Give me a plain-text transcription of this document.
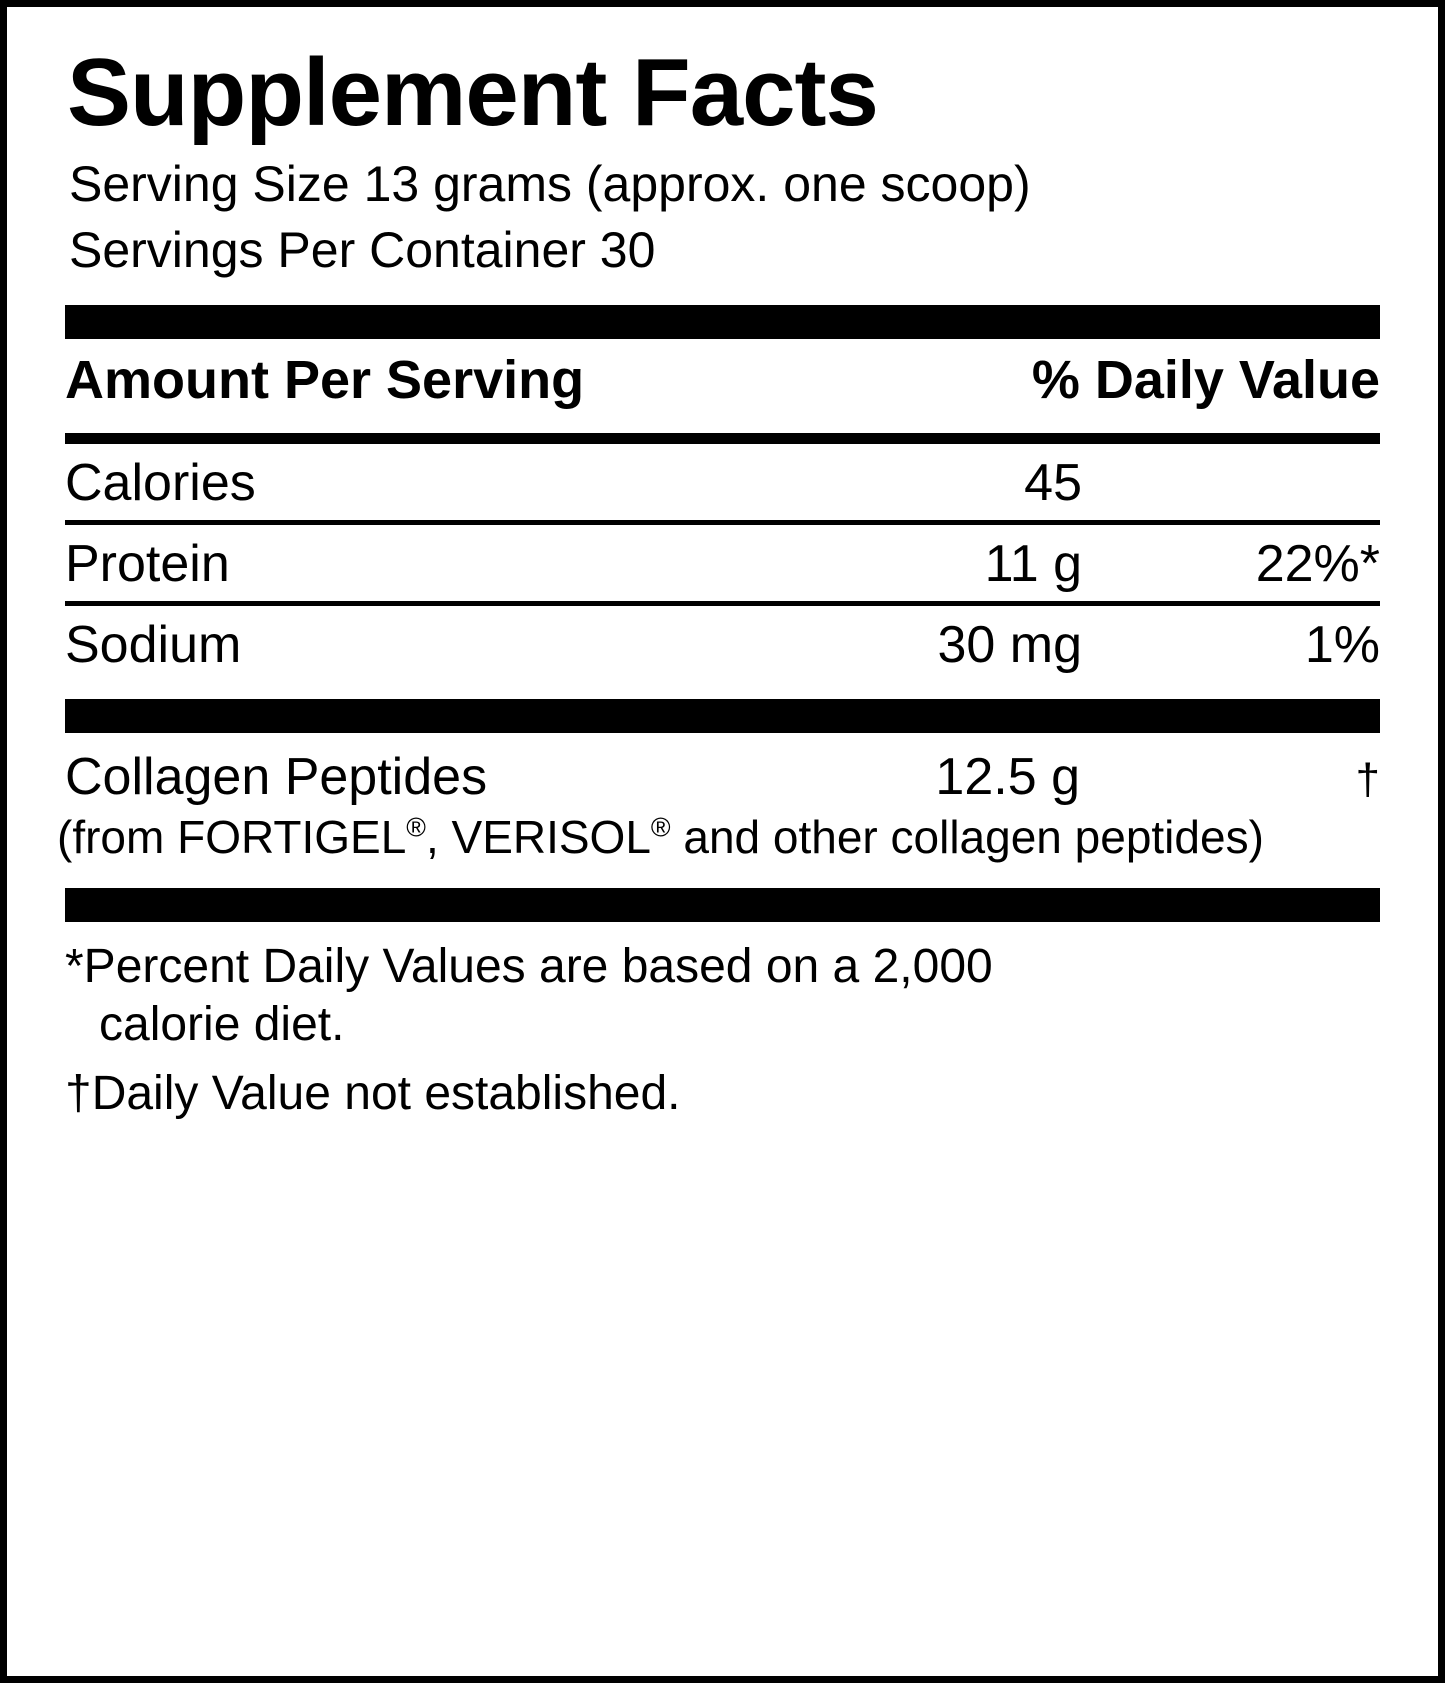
Supplement Facts
Serving Size 13 grams (approx. one scoop)
Servings Per Container 30
Amount Per Serving	% Daily Value
Calories	45
Protein	11 g	22%*
Sodium	30 mg	1%
Collagen Peptides	12.5 g	†
(from FORTIGEL®, VERISOL® and other collagen peptides)
*Percent Daily Values are based on a 2,000
calorie diet.
†Daily Value not established.
